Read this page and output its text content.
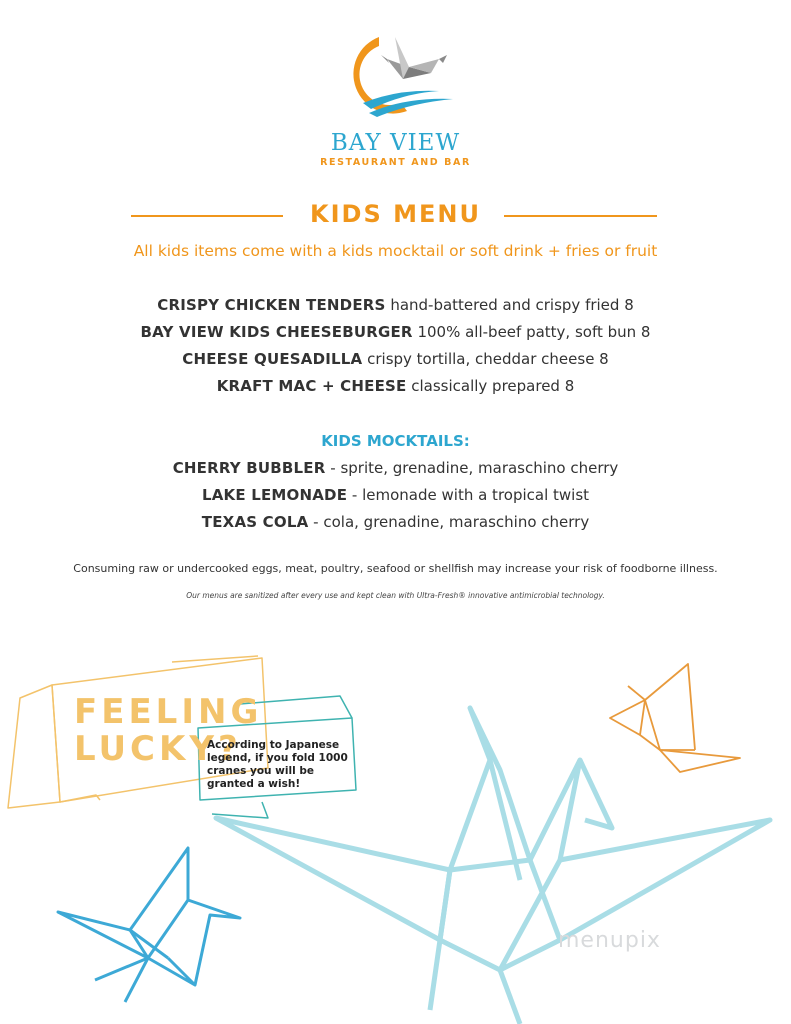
BAY VIEW
RESTAURANT AND BAR
KIDS MENU
All kids items come with a kids mocktail or soft drink + fries or fruit
CRISPY CHICKEN TENDERS hand-battered and crispy fried 8
BAY VIEW KIDS CHEESEBURGER 100% all-beef patty, soft bun 8
CHEESE QUESADILLA crispy tortilla, cheddar cheese 8
KRAFT MAC + CHEESE classically prepared 8
KIDS MOCKTAILS:
CHERRY BUBBLER - sprite, grenadine, maraschino cherry
LAKE LEMONADE - lemonade with a tropical twist
TEXAS COLA - cola, grenadine, maraschino cherry
Consuming raw or undercooked eggs, meat, poultry, seafood or shellfish may increase your risk of foodborne illness.
Our menus are sanitized after every use and kept clean with Ultra-Fresh® innovative antimicrobial technology.
FEELING
LUCKY?
According to Japanese
legend, if you fold 1000
cranes you will be
granted a wish!
menupix
